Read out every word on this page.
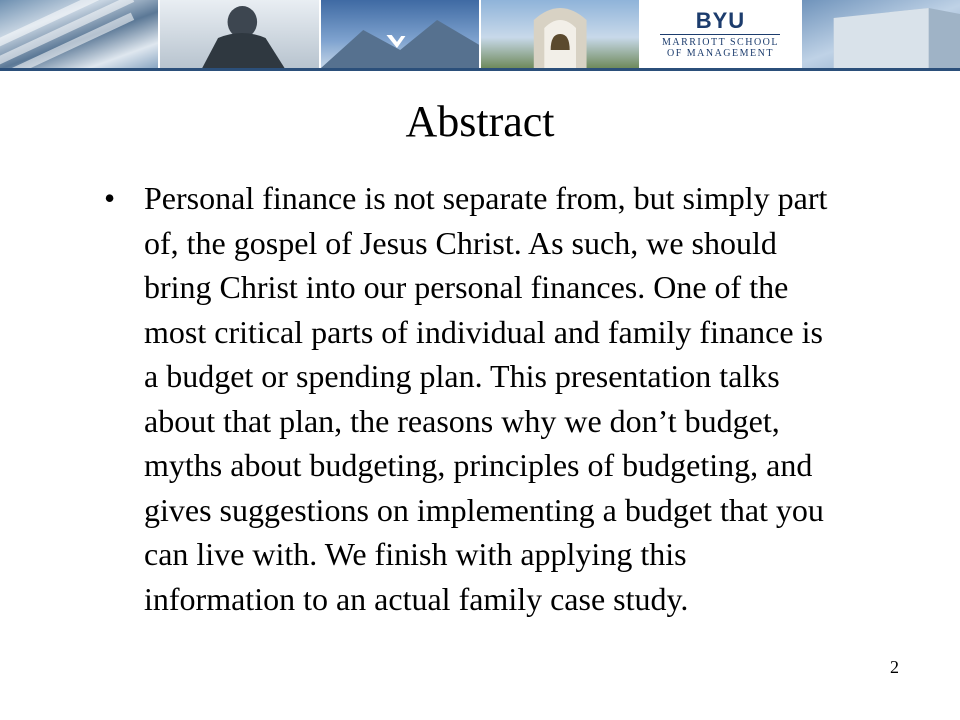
BYU
MARRIOTT SCHOOL
OF MANAGEMENT
Abstract
• Personal finance is not separate from, but simply part of, the gospel of Jesus Christ. As such, we should bring Christ into our personal finances. One of the most critical parts of individual and family finance is a budget or spending plan. This presentation talks about that plan, the reasons why we don’t budget, myths about budgeting, principles of budgeting, and gives suggestions on implementing a budget that you can live with. We finish with applying this information to an actual family case study.
2
